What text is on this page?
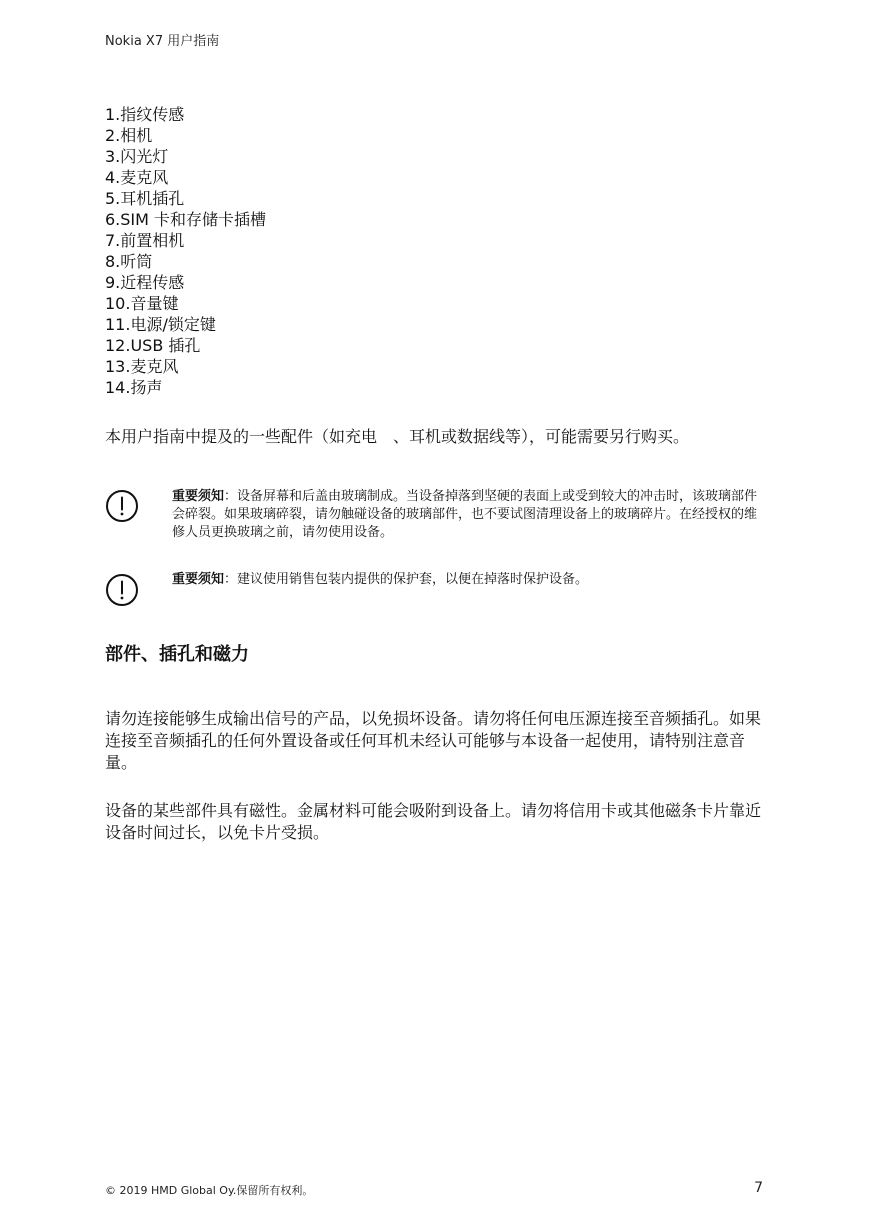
Nokia X7 用户指南
1.指纹传感
2.相机
3.闪光灯
4.麦克风
5.耳机插孔
6.SIM 卡和存储卡插槽
7.前置相机
8.听筒
9.近程传感
10.音量键
11.电源/锁定键
12.USB 插孔
13.麦克风
14.扬声
本用户指南中提及的一些配件（如充电　、耳机或数据线等），可能需要另行购买。
重要须知：设备屏幕和后盖由玻璃制成。当设备掉落到坚硬的表面上或受到较大的冲击时，该玻璃部件会碎裂。如果玻璃碎裂，请勿触碰设备的玻璃部件，也不要试图清理设备上的玻璃碎片。在经授权的维修人员更换玻璃之前，请勿使用设备。
重要须知：建议使用销售包装内提供的保护套，以便在掉落时保护设备。
部件、插孔和磁力

请勿连接能够生成输出信号的产品，以免损坏设备。请勿将任何电压源连接至音频插孔。如果连接至音频插孔的任何外置设备或任何耳机未经认可能够与本设备一起使用，请特别注意音量。

设备的某些部件具有磁性。金属材料可能会吸附到设备上。请勿将信用卡或其他磁条卡片靠近设备时间过长，以免卡片受损。

© 2019 HMD Global Oy.保留所有权利。	7
